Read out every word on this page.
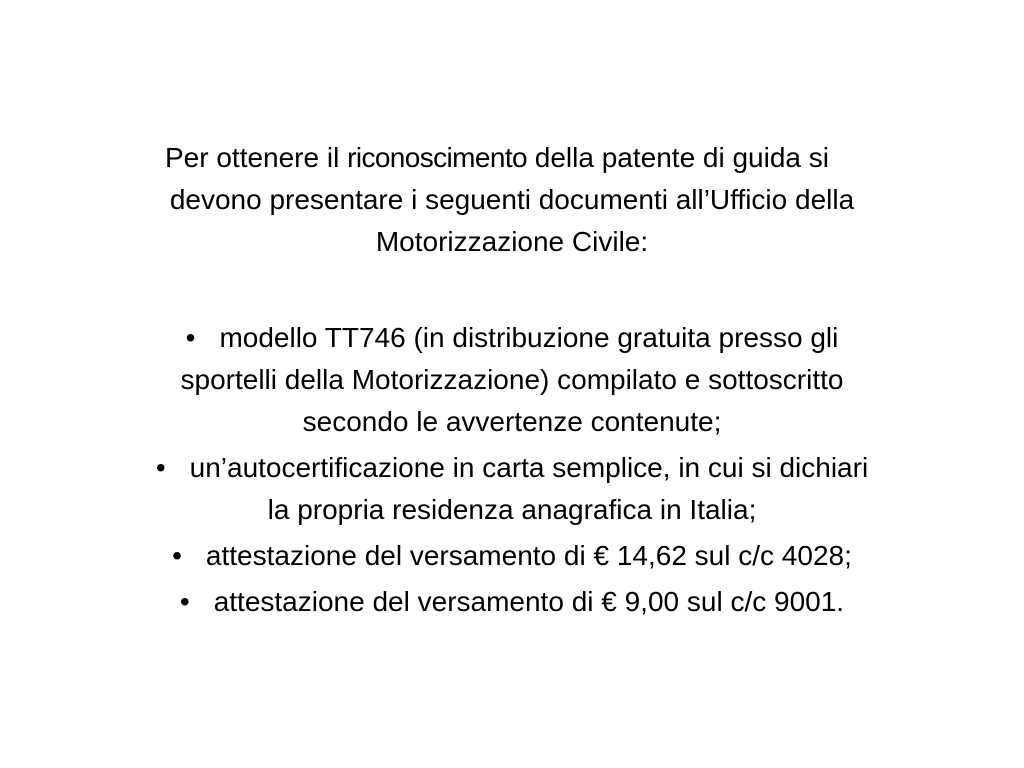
Per ottenere il riconoscimento della patente di guida si
devono presentare i seguenti documenti all’Ufficio della
Motorizzazione Civile:
• modello TT746 (in distribuzione gratuita presso gli
sportelli della Motorizzazione) compilato e sottoscritto
secondo le avvertenze contenute;
• un’autocertificazione in carta semplice, in cui si dichiari
la propria residenza anagrafica in Italia;
• attestazione del versamento di € 14,62 sul c/c 4028;
• attestazione del versamento di € 9,00 sul c/c 9001.
